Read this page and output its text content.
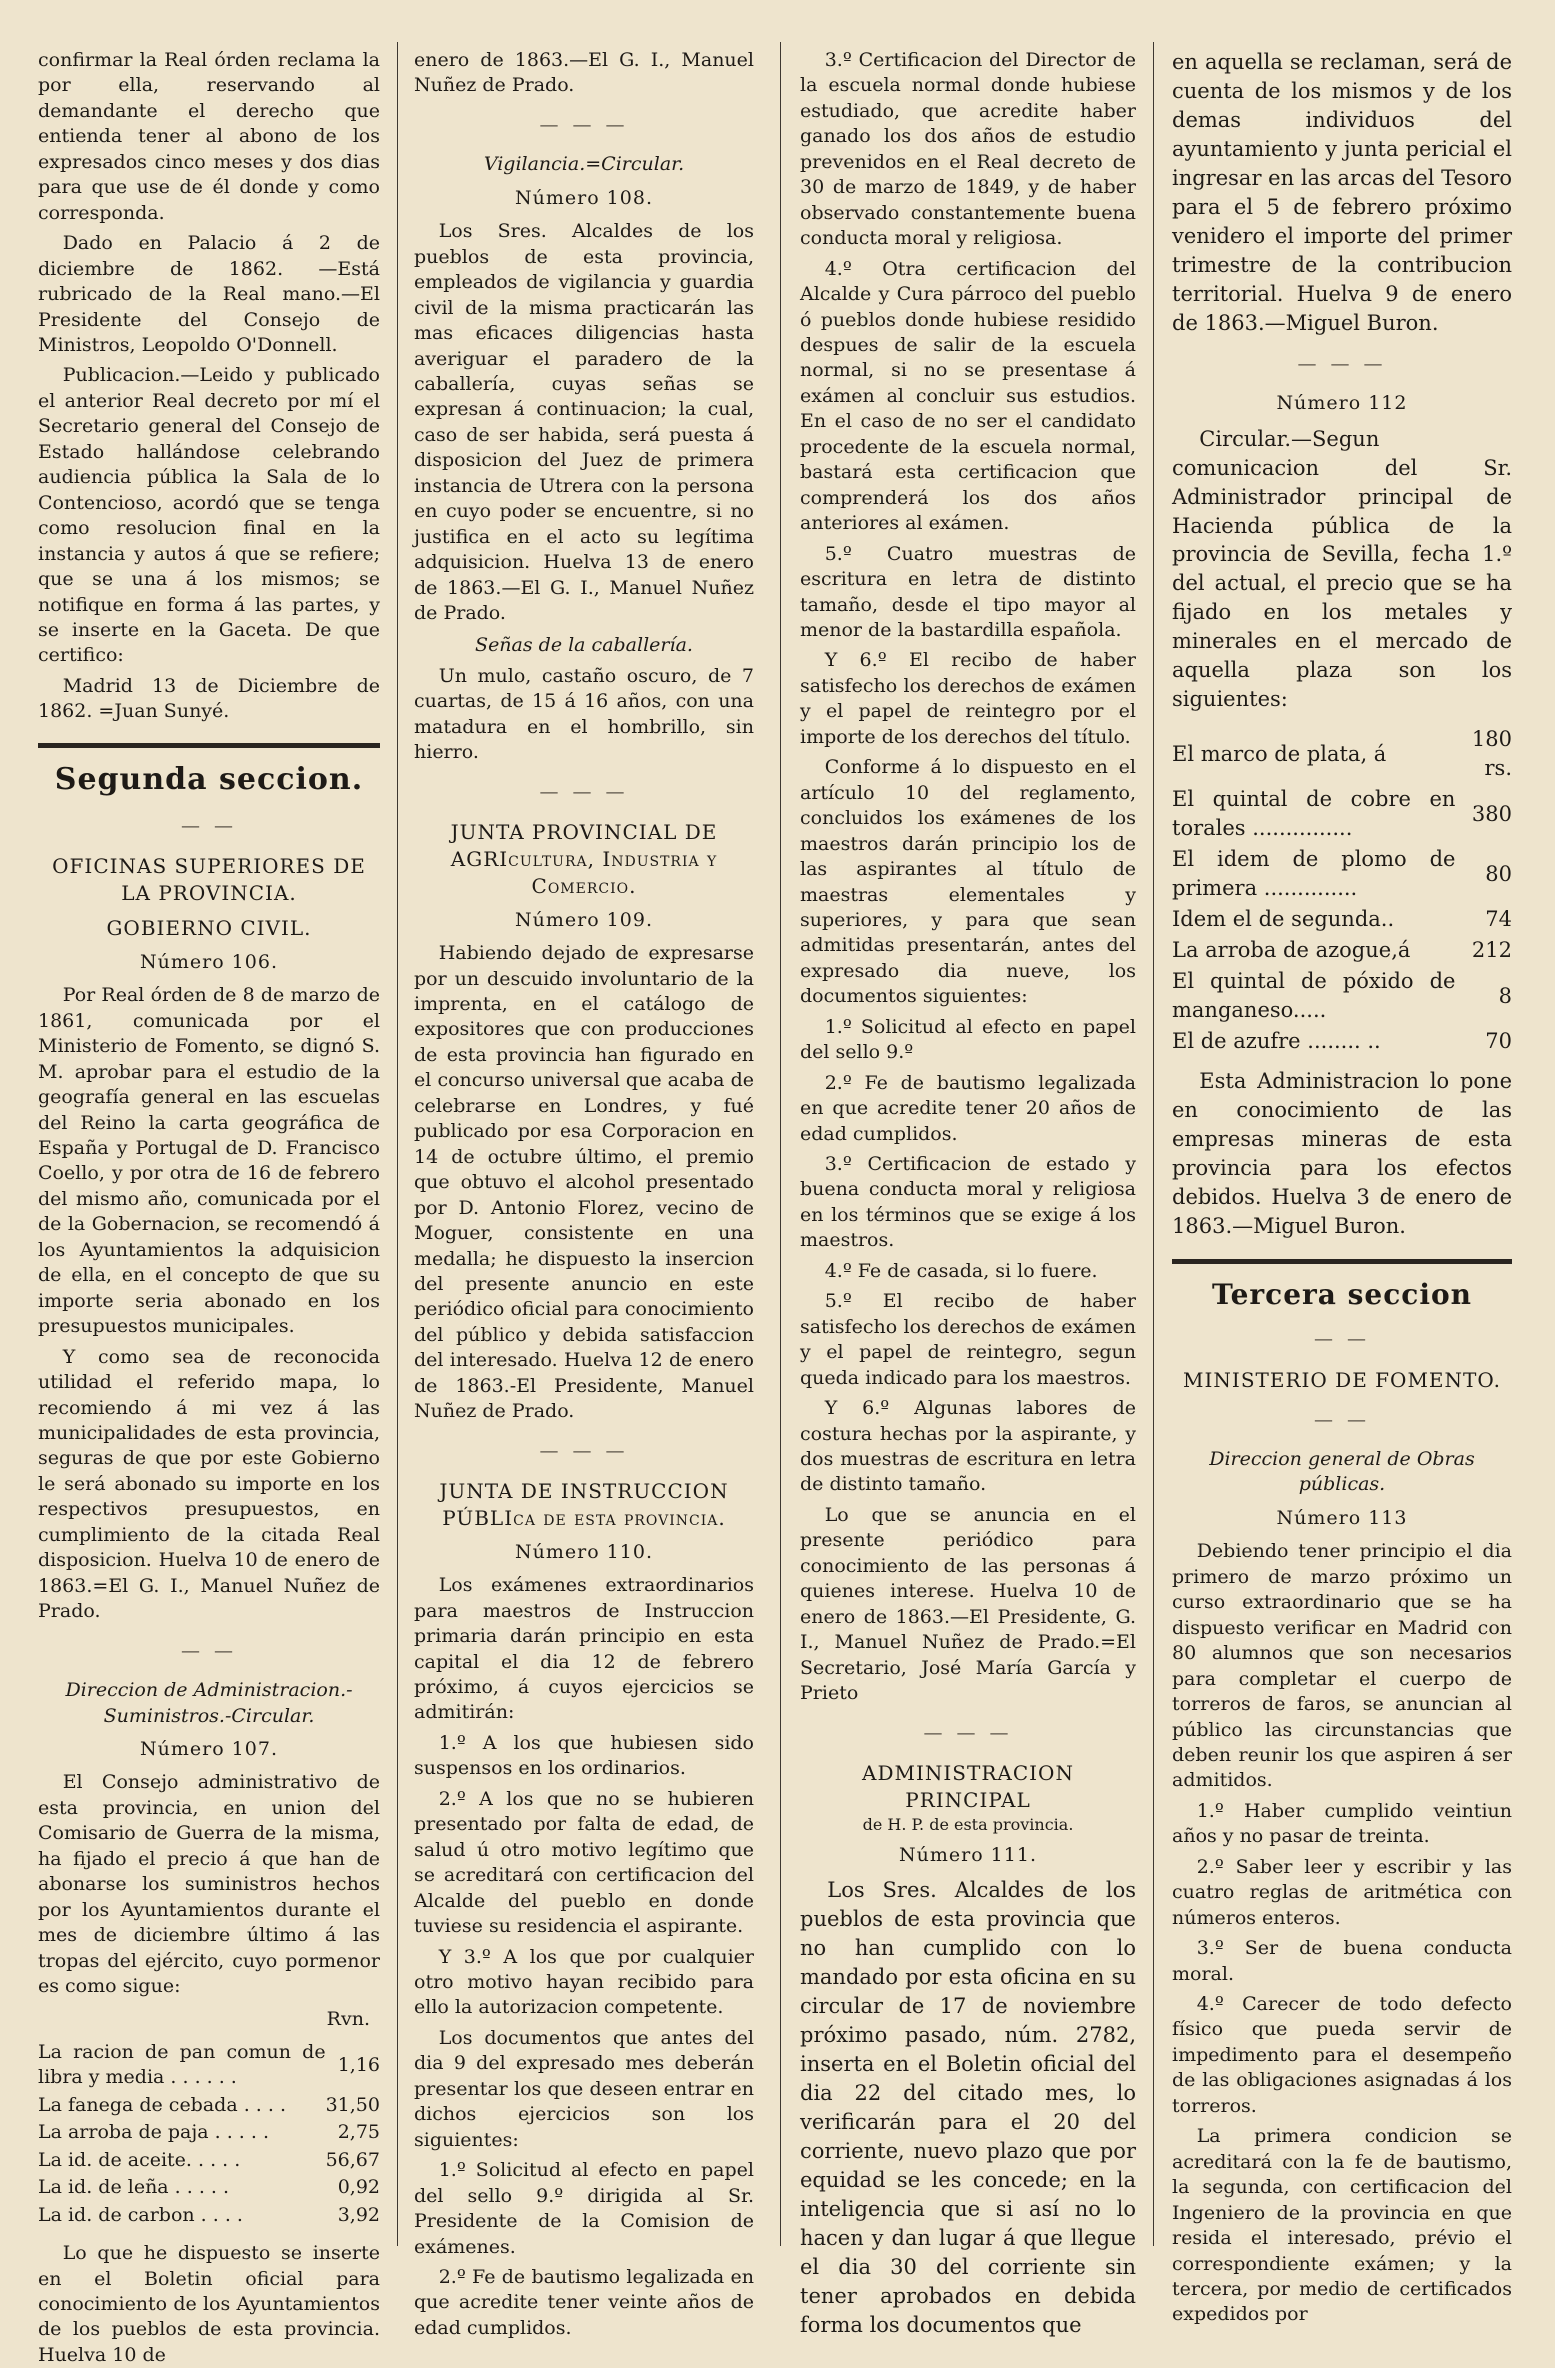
confirmar la Real órden reclama la por ella, reservando al demandante el derecho que entienda tener al abono de los expresados cinco meses y dos dias para que use de él donde y como corresponda.

Dado en Palacio á 2 de diciembre de 1862. —Está rubricado de la Real mano.—El Presidente del Consejo de Ministros, Leopoldo O'Donnell.

Publicacion.—Leido y publicado el anterior Real decreto por mí el Secretario general del Consejo de Estado hallándose celebrando audiencia pública la Sala de lo Contencioso, acordó que se tenga como resolucion final en la instancia y autos á que se refiere; que se una á los mismos; se notifique en forma á las partes, y se inserte en la Gaceta. De que certifico:

Madrid 13 de Diciembre de 1862. =Juan Sunyé.

Segunda seccion.
— —
OFICINAS SUPERIORES DE LA PROVINCIA.
GOBIERNO CIVIL.
Número 106.

Por Real órden de 8 de marzo de 1861, comunicada por el Ministerio de Fomento, se dignó S. M. aprobar para el estudio de la geografía general en las escuelas del Reino la carta geográfica de España y Portugal de D. Francisco Coello, y por otra de 16 de febrero del mismo año, comunicada por el de la Gobernacion, se recomendó á los Ayuntamientos la adquisicion de ella, en el concepto de que su importe seria abonado en los presupuestos municipales.

Y como sea de reconocida utilidad el referido mapa, lo recomiendo á mi vez á las municipalidades de esta provincia, seguras de que por este Gobierno le será abonado su importe en los respectivos presupuestos, en cumplimiento de la citada Real disposicion. Huelva 10 de enero de 1863.=El G. I., Manuel Nuñez de Prado.

— —
Direccion de Administracion.-Suministros.-Circular.
Número 107.

El Consejo administrativo de esta provincia, en union del Comisario de Guerra de la misma, ha fijado el precio á que han de abonarse los suministros hechos por los Ayuntamientos durante el mes de diciembre último á las tropas del ejército, cuyo pormenor es como sigue:

Rvn.
La racion de pan comun de libra y media . . . . . .	1,16
La fanega de cebada . . . .	31,50
La arroba de paja . . . . .	2,75
La id. de aceite. . . . .	56,67
La id. de leña . . . . .	0,92
La id. de carbon . . . .	3,92

Lo que he dispuesto se inserte en el Boletin oficial para conocimiento de los Ayuntamientos de los pueblos de esta provincia. Huelva 10 de

enero de 1863.—El G. I., Manuel Nuñez de Prado.

— — —
Vigilancia.=Circular.
Número 108.

Los Sres. Alcaldes de los pueblos de esta provincia, empleados de vigilancia y guardia civil de la misma practicarán las mas eficaces diligencias hasta averiguar el paradero de la caballería, cuyas señas se expresan á continuacion; la cual, caso de ser habida, será puesta á disposicion del Juez de primera instancia de Utrera con la persona en cuyo poder se encuentre, si no justifica en el acto su legítima adquisicion. Huelva 13 de enero de 1863.—El G. I., Manuel Nuñez de Prado.

Señas de la caballería.

Un mulo, castaño oscuro, de 7 cuartas, de 15 á 16 años, con una matadura en el hombrillo, sin hierro.

— — —
JUNTA PROVINCIAL DE AGRIcultura, Industria y Comercio.
Número 109.

Habiendo dejado de expresarse por un descuido involuntario de la imprenta, en el catálogo de expositores que con producciones de esta provincia han figurado en el concurso universal que acaba de celebrarse en Londres, y fué publicado por esa Corporacion en 14 de octubre último, el premio que obtuvo el alcohol presentado por D. Antonio Florez, vecino de Moguer, consistente en una medalla; he dispuesto la insercion del presente anuncio en este periódico oficial para conocimiento del público y debida satisfaccion del interesado. Huelva 12 de enero de 1863.-El Presidente, Manuel Nuñez de Prado.

— — —
JUNTA DE INSTRUCCION PÚBLIca de esta provincia.
Número 110.

Los exámenes extraordinarios para maestros de Instruccion primaria darán principio en esta capital el dia 12 de febrero próximo, á cuyos ejercicios se admitirán:

1.º A los que hubiesen sido suspensos en los ordinarios.

2.º A los que no se hubieren presentado por falta de edad, de salud ú otro motivo legítimo que se acreditará con certificacion del Alcalde del pueblo en donde tuviese su residencia el aspirante.

Y 3.º A los que por cualquier otro motivo hayan recibido para ello la autorizacion competente.

Los documentos que antes del dia 9 del expresado mes deberán presentar los que deseen entrar en dichos ejercicios son los siguientes:

1.º Solicitud al efecto en papel del sello 9.º dirigida al Sr. Presidente de la Comision de exámenes.

2.º Fe de bautismo legalizada en que acredite tener veinte años de edad cumplidos.

3.º Certificacion del Director de la escuela normal donde hubiese estudiado, que acredite haber ganado los dos años de estudio prevenidos en el Real decreto de 30 de marzo de 1849, y de haber observado constantemente buena conducta moral y religiosa.

4.º Otra certificacion del Alcalde y Cura párroco del pueblo ó pueblos donde hubiese residido despues de salir de la escuela normal, si no se presentase á exámen al concluir sus estudios. En el caso de no ser el candidato procedente de la escuela normal, bastará esta certificacion que comprenderá los dos años anteriores al exámen.

5.º Cuatro muestras de escritura en letra de distinto tamaño, desde el tipo mayor al menor de la bastardilla española.

Y 6.º El recibo de haber satisfecho los derechos de exámen y el papel de reintegro por el importe de los derechos del título.

Conforme á lo dispuesto en el artículo 10 del reglamento, concluidos los exámenes de los maestros darán principio los de las aspirantes al título de maestras elementales y superiores, y para que sean admitidas presentarán, antes del expresado dia nueve, los documentos siguientes:

1.º Solicitud al efecto en papel del sello 9.º

2.º Fe de bautismo legalizada en que acredite tener 20 años de edad cumplidos.

3.º Certificacion de estado y buena conducta moral y religiosa en los términos que se exige á los maestros.

4.º Fe de casada, si lo fuere.

5.º El recibo de haber satisfecho los derechos de exámen y el papel de reintegro, segun queda indicado para los maestros.

Y 6.º Algunas labores de costura hechas por la aspirante, y dos muestras de escritura en letra de distinto tamaño.

Lo que se anuncia en el presente periódico para conocimiento de las personas á quienes interese. Huelva 10 de enero de 1863.—El Presidente, G. I., Manuel Nuñez de Prado.=El Secretario, José María García y Prieto

— — —
ADMINISTRACION PRINCIPAL
de H. P. de esta provincia.
Número 111.

Los Sres. Alcaldes de los pueblos de esta provincia que no han cumplido con lo mandado por esta oficina en su circular de 17 de noviembre próximo pasado, núm. 2782, inserta en el Boletin oficial del dia 22 del citado mes, lo verificarán para el 20 del corriente, nuevo plazo que por equidad se les concede; en la inteligencia que si así no lo hacen y dan lugar á que llegue el dia 30 del corriente sin tener aprobados en debida forma los documentos que

en aquella se reclaman, será de cuenta de los mismos y de los demas individuos del ayuntamiento y junta pericial el ingresar en las arcas del Tesoro para el 5 de febrero próximo venidero el importe del primer trimestre de la contribucion territorial. Huelva 9 de enero de 1863.—Miguel Buron.

— — —
Número 112

Circular.—Segun comunicacion del Sr. Administrador principal de Hacienda pública de la provincia de Sevilla, fecha 1.º del actual, el precio que se ha fijado en los metales y minerales en el mercado de aquella plaza son los siguientes:

El marco de plata, á	180 rs.
El quintal de cobre en torales ...............	380
El idem de plomo de primera ..............	80
Idem el de segunda..	74
La arroba de azogue,á	212
El quintal de póxido de manganeso.....	8
El de azufre ........ ..	70

Esta Administracion lo pone en conocimiento de las empresas mineras de esta provincia para los efectos debidos. Huelva 3 de enero de 1863.—Miguel Buron.

Tercera seccion
— —
MINISTERIO DE FOMENTO.
— —
Direccion general de Obras públicas.
Número 113

Debiendo tener principio el dia primero de marzo próximo un curso extraordinario que se ha dispuesto verificar en Madrid con 80 alumnos que son necesarios para completar el cuerpo de torreros de faros, se anuncian al público las circunstancias que deben reunir los que aspiren á ser admitidos.

1.º Haber cumplido veintiun años y no pasar de treinta.

2.º Saber leer y escribir y las cuatro reglas de aritmética con números enteros.

3.º Ser de buena conducta moral.

4.º Carecer de todo defecto físico que pueda servir de impedimento para el desempeño de las obligaciones asignadas á los torreros.

La primera condicion se acreditará con la fe de bautismo, la segunda, con certificacion del Ingeniero de la provincia en que resida el interesado, prévio el correspondiente exámen; y la tercera, por medio de certificados expedidos por
